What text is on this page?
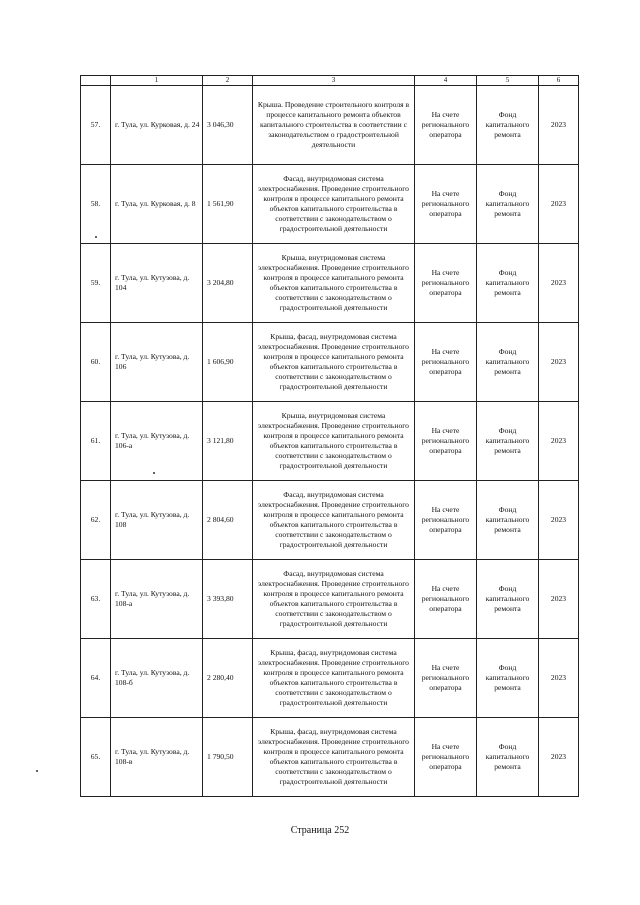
	1	2	3	4	5	6
57.	г. Тула, ул. Курковая, д. 24	3 046,30	Крыша. Проведение строительного контроля в процессе капитального ремонта объектов капитального строительства в соответствии с законодательством о градостроительной деятельности	На счете регионального оператора	Фонд капитального ремонта	2023
58.	г. Тула, ул. Курковая, д. 8	1 561,90	Фасад, внутридомовая система электроснабжения. Проведение строительного контроля в процессе капитального ремонта объектов капитального строительства в соответствии с законодательством о градостроительной деятельности	На счете регионального оператора	Фонд капитального ремонта	2023
59.	г. Тула, ул. Кутузова, д. 104	3 204,80	Крыша, внутридомовая система электроснабжения. Проведение строительного контроля в процессе капитального ремонта объектов капитального строительства в соответствии с законодательством о градостроительной деятельности	На счете регионального оператора	Фонд капитального ремонта	2023
60.	г. Тула, ул. Кутузова, д. 106	1 606,90	Крыша, фасад, внутридомовая система электроснабжения. Проведение строительного контроля в процессе капитального ремонта объектов капитального строительства в соответствии с законодательством о градостроительной деятельности	На счете регионального оператора	Фонд капитального ремонта	2023
61.	г. Тула, ул. Кутузова, д. 106-а	3 121,80	Крыша, внутридомовая система электроснабжения. Проведение строительного контроля в процессе капитального ремонта объектов капитального строительства в соответствии с законодательством о градостроительной деятельности	На счете регионального оператора	Фонд капитального ремонта	2023
62.	г. Тула, ул. Кутузова, д. 108	2 804,60	Фасад, внутридомовая система электроснабжения. Проведение строительного контроля в процессе капитального ремонта объектов капитального строительства в соответствии с законодательством о градостроительной деятельности	На счете регионального оператора	Фонд капитального ремонта	2023
63.	г. Тула, ул. Кутузова, д. 108-а	3 393,80	Фасад, внутридомовая система электроснабжения. Проведение строительного контроля в процессе капитального ремонта объектов капитального строительства в соответствии с законодательством о градостроительной деятельности	На счете регионального оператора	Фонд капитального ремонта	2023
64.	г. Тула, ул. Кутузова, д. 108-б	2 280,40	Крыша, фасад, внутридомовая система электроснабжения. Проведение строительного контроля в процессе капитального ремонта объектов капитального строительства в соответствии с законодательством о градостроительной деятельности	На счете регионального оператора	Фонд капитального ремонта	2023
65.	г. Тула, ул. Кутузова, д. 108-в	1 790,50	Крыша, фасад, внутридомовая система электроснабжения. Проведение строительного контроля в процессе капитального ремонта объектов капитального строительства в соответствии с законодательством о градостроительной деятельности	На счете регионального оператора	Фонд капитального ремонта	2023
Страница 252
